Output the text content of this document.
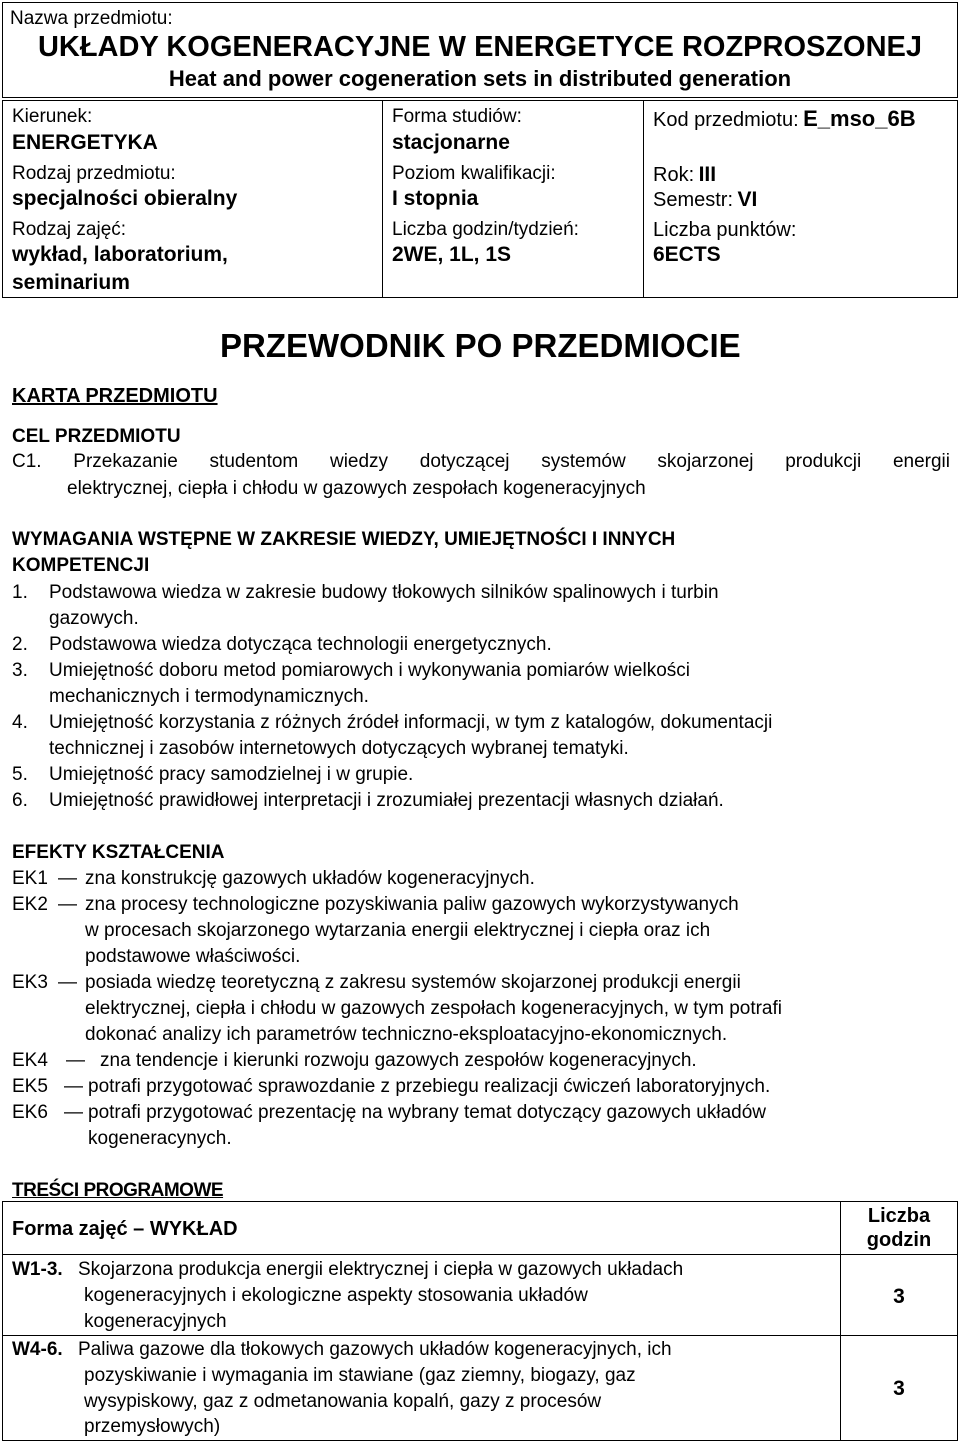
Nazwa przedmiotu:
UKŁADY KOGENERACYJNE W ENERGETYCE ROZPROSZONEJ
Heat and power cogeneration sets in distributed generation
Kierunek:
ENERGETYKA
Rodzaj przedmiotu:
specjalności obieralny
Rodzaj zajęć:
wykład, laboratorium,
seminarium
Forma studiów:
stacjonarne
Poziom kwalifikacji:
I stopnia
Liczba godzin/tydzień:
2WE, 1L, 1S
Kod przedmiotu: E_mso_6B
Rok: III
Semestr: VI
Liczba punktów:
6ECTS
PRZEWODNIK PO PRZEDMIOCIE
KARTA PRZEDMIOTU
CEL PRZEDMIOTU
C1. Przekazanie studentom wiedzy dotyczącej systemów skojarzonej produkcji energii
elektrycznej, ciepła i chłodu w gazowych zespołach kogeneracyjnych
WYMAGANIA WSTĘPNE W ZAKRESIE WIEDZY, UMIEJĘTNOŚCI I INNYCH
KOMPETENCJI
1. Podstawowa wiedza w zakresie budowy tłokowych silników spalinowych i turbin
gazowych.
2. Podstawowa wiedza dotycząca technologii energetycznych.
3. Umiejętność doboru metod pomiarowych i wykonywania pomiarów wielkości
mechanicznych i termodynamicznych.
4. Umiejętność korzystania z różnych źródeł informacji, w tym z katalogów, dokumentacji
technicznej i zasobów internetowych dotyczących wybranej tematyki.
5. Umiejętność pracy samodzielnej i w grupie.
6. Umiejętność prawidłowej interpretacji i zrozumiałej prezentacji własnych działań.
EFEKTY KSZTAŁCENIA
EK1 — zna konstrukcję gazowych układów kogeneracyjnych.
EK2 — zna procesy technologiczne pozyskiwania paliw gazowych wykorzystywanych
w procesach skojarzonego wytarzania energii elektrycznej i ciepła oraz ich
podstawowe właściwości.
EK3 — posiada wiedzę teoretyczną z zakresu systemów skojarzonej produkcji energii
elektrycznej, ciepła i chłodu w gazowych zespołach kogeneracyjnych, w tym potrafi
dokonać analizy ich parametrów techniczno-eksploatacyjno-ekonomicznych.
EK4 — zna tendencje i kierunki rozwoju gazowych zespołów kogeneracyjnych.
EK5 — potrafi przygotować sprawozdanie z przebiegu realizacji ćwiczeń laboratoryjnych.
EK6 — potrafi przygotować prezentację na wybrany temat dotyczący gazowych układów
kogeneracynych.
TREŚCI PROGRAMOWE
Forma zajęć – WYKŁAD
Liczba
godzin
W1-3. Skojarzona produkcja energii elektrycznej i ciepła w gazowych układach
kogeneracyjnych i ekologiczne aspekty stosowania układów
kogeneracyjnych
3
W4-6. Paliwa gazowe dla tłokowych gazowych układów kogeneracyjnych, ich
pozyskiwanie i wymagania im stawiane (gaz ziemny, biogazy, gaz
wysypiskowy, gaz z odmetanowania kopalń, gazy z procesów
przemysłowych)
3
